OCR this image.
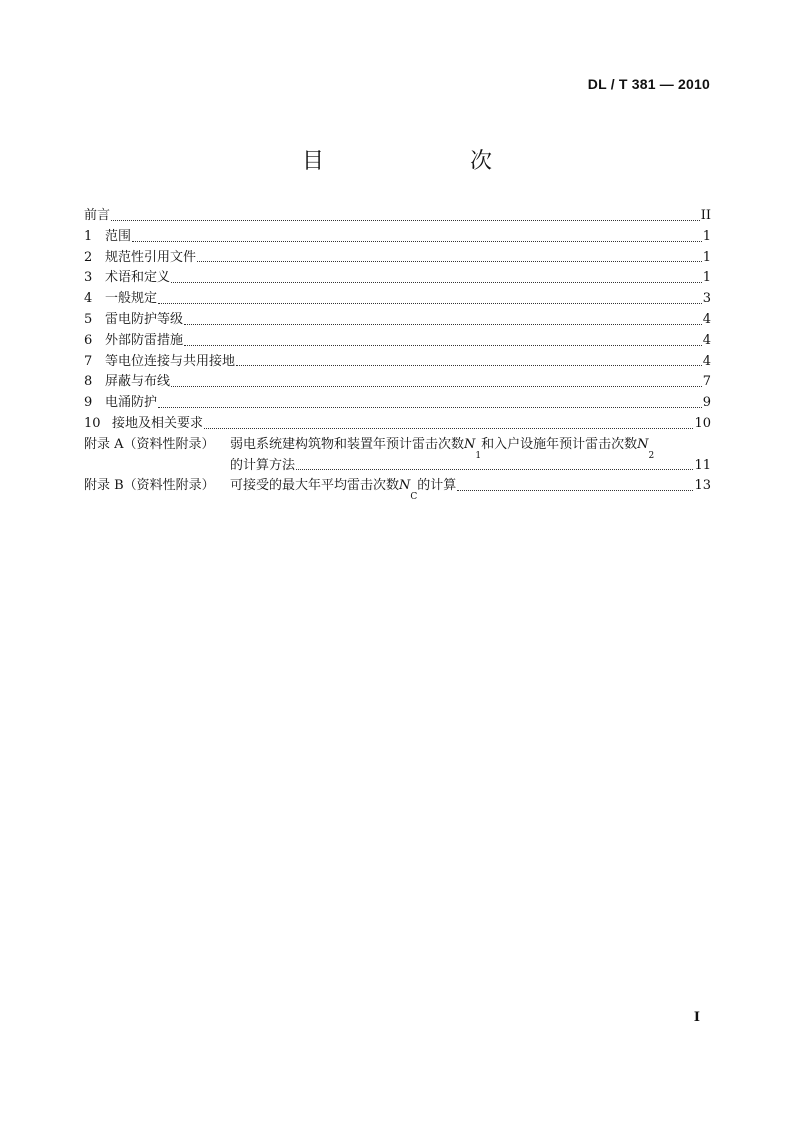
DL / T 381 — 2010
目　　次
前言	II
1 范围	1
2 规范性引用文件	1
3 术语和定义	1
4 一般规定	3
5 雷电防护等级	4
6 外部防雷措施	4
7 等电位连接与共用接地	4
8 屏蔽与布线	7
9 电涌防护	9
10 接地及相关要求	10
附录 A（资料性附录）	弱电系统建构筑物和装置年预计雷击次数 N
1
和入户设施年预计雷击次数 N
2
的计算方法	11
附录 B（资料性附录）	可接受的最大年平均雷击次数 N
C
的计算	13
I
